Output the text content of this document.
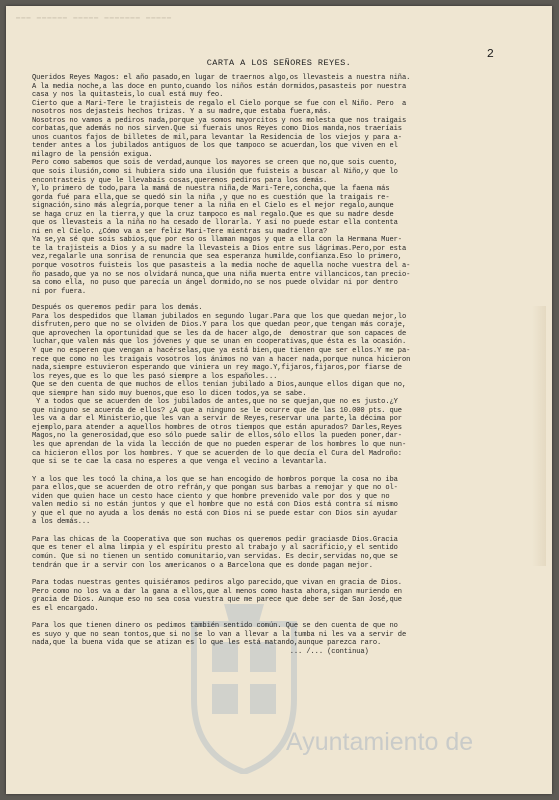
▬▬▬ ▬▬▬▬▬▬ ▬▬▬▬▬ ▬▬▬▬▬▬▬ ▬▬▬▬▬
Ayuntamiento de
2
CARTA A LOS SEÑORES REYES.
Queridos Reyes Magos: el año pasado,en lugar de traernos algo,os llevasteis a nuestra niña.
A la media noche,a las doce en punto,cuando los niños están dormidos,pasasteis por nuestra
casa y nos la quitasteis,lo cual está muy feo.
Cierto que a Mari-Tere le trajisteis de regalo el Cielo porque se fue con el Niño. Pero  a
nosotros nos dejasteis hechos trizas. Y a su madre,que estaba fuera,más.
Nosotros no vamos a pediros nada,porque ya somos mayorcitos y nos molesta que nos traigais
corbatas,que además no nos sirven.Que si fuerais unos Reyes como Dios manda,nos traeríais
unos cuantos fajos de billetes de mil,para levantar la Residencia de los viejos y para a-
tender antes a los jubilados antiguos de los que tampoco se acuerdan,los que viven en el
milagro de la pensión exigua.
Pero como sabemos que sois de verdad,aunque los mayores se creen que no,que sois cuento,
que sois ilusión,como si hubiera sido una ilusión que fuisteis a buscar al Niño,y que lo
encontrasteis y que le llevabais cosas,queremos pediros para los demás.
Y,lo primero de todo,para la mamá de nuestra niña,de Mari-Tere,concha,que la faena más
gorda fué para ella,que se quedó sin la niña ,y que no es cuestión que la traigais re-
signación,sino más alegría,porque tener a la niña en el Cielo es el mejor regalo,aunque
se haga cruz en la tierra,y que la cruz tampoco es mal regalo.Que es que su madre desde
que os llevasteis a la niña no ha cesado de llorarla. Y así no puede estar ella contenta
ni en el Cielo. ¿Cómo va a ser feliz Mari-Tere mientras su madre llora?
Ya se,ya sé que sois sabios,que por eso os llaman magos y que a ella con la Hermana Muer-
te la trajisteis a Dios y a su madre la llevasteis a Dios entre sus lágrimas.Pero,por esta
vez,regalarle una sonrisa de renuncia que sea esperanza humilde,confianza.Eso lo primero,
porque vosotros fuisteis los que pasasteis a la media noche de aquella noche vuestra del a-
ño pasado,que ya no se nos olvidará nunca,que una niña muerta entre villancicos,tan precio-
sa como ella, no puso que parecía un ángel dormido,no se nos puede olvidar ni por dentro
ni por fuera.
Después os queremos pedir para los demás.
Para los despedidos que llaman jubilados en segundo lugar.Para que los que quedan mejor,lo
disfruten,pero que no se olviden de Dios.Y para los que quedan peor,que tengan más coraje,
que aprovechen la oportunidad que se les da de hacer algo,de  demostrar que son capaces de
luchar,que valen más que los jóvenes y que se unan en cooperativas,que ésta es la ocasión.
Y que no esperen que vengan a hacérselas,que ya está bien,que tienen que ser ellos.Y me pa-
rece que como no les traigais vosotros los ánimos no van a hacer nada,porque nunca hicieron
nada,siempre estuvieron esperando que viniera un rey mago.Y,fijaros,fijaros,por fiarse de
los reyes,que es lo que les pasó siempre a los españoles...
Que se den cuenta de que muchos de ellos tenían jubilado a Dios,aunque ellos digan que no,
que siempre han sido muy buenos,que eso lo dicen todos,ya se sabe.
Y a todos que se acuerden de los jubilados de antes,que no se quejan,que no es justo.¿Y
que ninguno se acuerda de ellos? ¿A que a ninguno se le ocurre que de las 10.000 pts. que
les va a dar el Ministerio,que les van a servir de Reyes,reservar una parte,la décima por
ejemplo,para atender a aquellos hombres de otros tiempos que están apurados? Darles,Reyes
Magos,no la generosidad,que eso sólo puede salir de ellos,sólo ellos la pueden poner,dar-
les que aprendan de la vida la lección de que no pueden esperar de los hombres lo que nun-
ca hicieron ellos por los hombres. Y que se acuerden de lo que decía el Cura del Madroño:
que si se te cae la casa no esperes a que venga el vecino a levantarla.
Y a los que les tocó la china,a los que se han encogido de hombros porque la cosa no iba
para ellos,que se acuerden de otro refrán,y que pongan sus barbas a remojar y que no ol-
viden que quien hace un cesto hace ciento y que hombre prevenido vale por dos y que no
valen medio si no están juntos y que el hombre que no está con Dios está contra sí mismo
y que el que no ayuda a los demás no está con Dios ni se puede estar con Dios sin ayudar
a los demás...
Para las chicas de la Cooperativa que son muchas os queremos pedir graciasde Dios.Gracia
que es tener el alma limpia y el espíritu presto al trabajo y al sacrificio,y el sentido
común. Que si no tienen un sentido comunitario,van servidas. Es decir,servidas no,que se
tendrán que ir a servir con los americanos o a Barcelona que es donde pagan mejor.
Para todas nuestras gentes quisiéramos pediros algo parecido,que vivan en gracia de Dios.
Pero como no los va a dar la gana a ellos,que al menos como hasta ahora,sigan muriendo en
gracia de Dios. Aunque eso no sea cosa vuestra que me parece que debe ser de San José,que
es el encargado.
Para los que tienen dinero os pedimos también sentido común. Que se den cuenta de que no
es suyo y que no sean tontos,que si no se lo van a llevar a la tumba ni les va a servir de
nada,que la buena vida que se atizan es lo que les está matando,aunque parezca raro.
... /... (continua)
